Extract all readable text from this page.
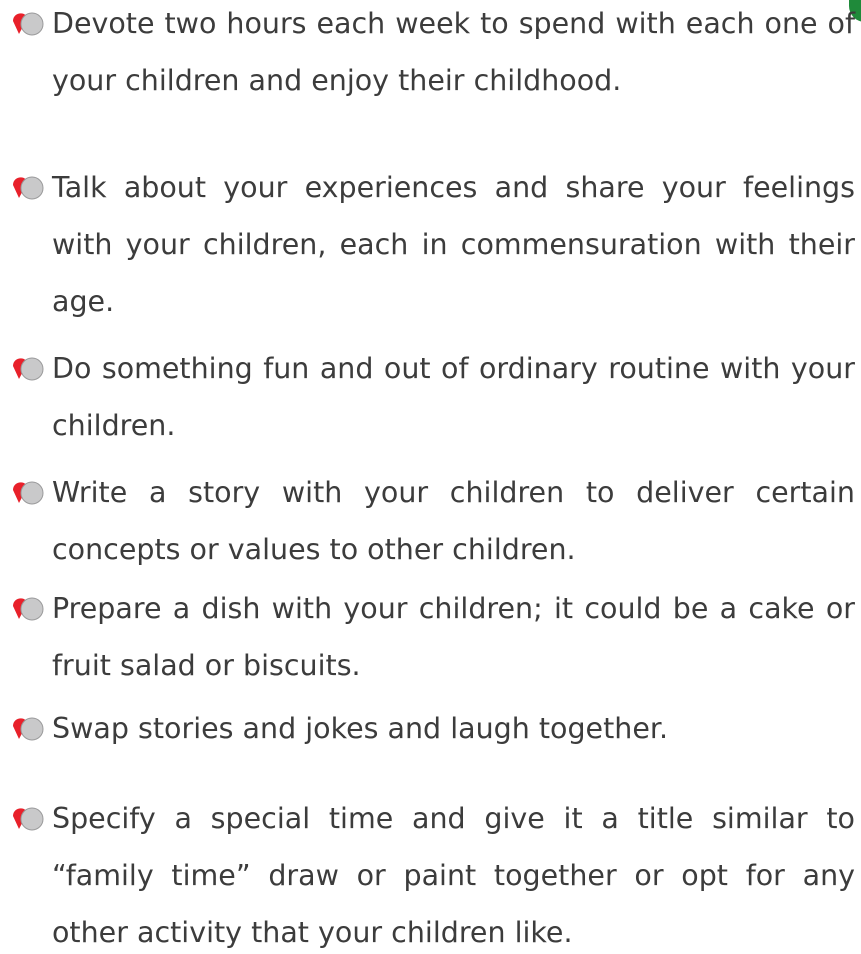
Devote two hours each week to spend with each one of your children and enjoy their childhood.

Talk about your experiences and share your feelings with your children, each in commensuration with their age.

Do something fun and out of ordinary routine with your children.

Write a story with your children to deliver certain concepts or values to other children.

Prepare a dish with your children; it could be a cake or fruit salad or biscuits.

Swap stories and jokes and laugh together.

Specify a special time and give it a title similar to “family time” draw or paint together or opt for any other activity that your children like.
